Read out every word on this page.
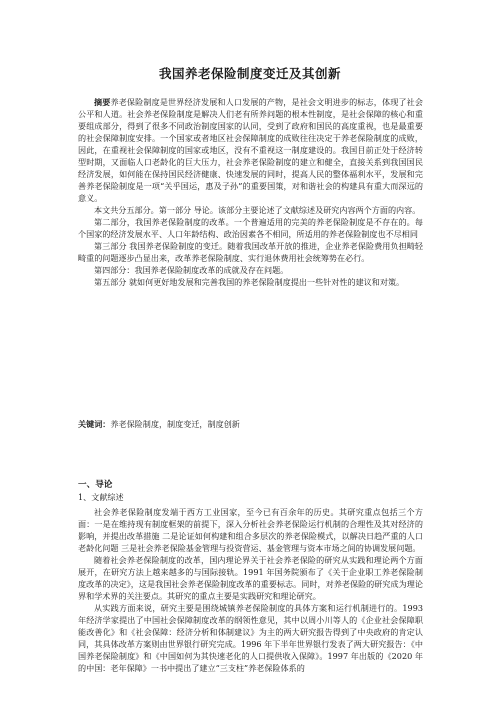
我国养老保险制度变迁及其创新

摘要养老保险制度是世界经济发展和人口发展的产物，是社会文明进步的标志，体现了社会公平和人道。社会养老保险制度是解决人们老有所养问题的根本性制度，是社会保障的核心和重要组成部分，得到了很多不同政治制度国家的认同，受到了政府和国民的高度重视，也是最重要的社会保障制度安排。一个国家或者地区社会保障制度的成败往往决定于养老保险制度的成败，因此，在重视社会保障制度的国家或地区，没有不重视这一制度建设的。我国目前正处于经济转型时期，又面临人口老龄化的巨大压力，社会养老保险制度的建立和健全，直接关系到我国国民经济发展，如何能在保持国民经济健康、快速发展的同时，提高人民的整体福利水平，发展和完善养老保险制度是一项“关乎国运，惠及子孙”的重要国策，对和谐社会的构建具有重大而深远的意义。

本文共分五部分。第一部分 导论。该部分主要论述了文献综述及研究内容两个方面的内容。

第二部分，我国养老保险制度的改革。一个普遍适用的完美的养老保险制度是不存在的。每个国家的经济发展水平、人口年龄结构、政治因素各不相同，所适用的养老保险制度也不尽相同

第三部分 我国养老保险制度的变迁。随着我国改革开放的推进，企业养老保险费用负担畸轻畸重的问题逐步凸显出来，改革养老保险制度、实行退休费用社会统筹势在必行。

第四部分：我国养老保险制度改革的成就及存在问题。

第五部分 就如何更好地发展和完善我国的养老保险制度提出一些针对性的建议和对策。

关键词：养老保险制度，制度变迁，制度创新

一、导论
1、文献综述

社会养老保险制度发端于西方工业国家，至今已有百余年的历史。其研究重点包括三个方面：一是在维持现有制度框架的前提下，深入分析社会养老保险运行机制的合理性及其对经济的影响，并提出改革措施 二是论证如何构建和组合多层次的养老保险模式，以解决日趋严重的人口老龄化问题 三是社会养老保险基金管理与投资营运、基金管理与资本市场之间的协调发展问题。

随着社会养老保险制度的改革，国内理论界关于社会养老保险的研究从实践和理论两个方面展开，在研究方法上越来越多的与国际接轨。1991 年国务院颁布了《关于企业职工养老保险制度改革的决定》，这是我国社会养老保险制度改革的重要标志。同时，对养老保险的研究成为理论界和学术界的关注要点。其研究的重点主要是实践研究和理论研究。

从实践方面来说，研究主要是围绕城镇养老保险制度的具体方案和运行机制进行的。1993 年经济学家提出了中国社会保障制度改革的纲领性意见，其中以周小川等人的《企业社会保障职能改善化》和《社会保障：经济分析和体制建议》为主的两大研究报告得到了中央政府的肯定认同，其具体改革方案则由世界银行研究完成。1996 年下半年世界银行发表了两大研究报告：《中国养老保险制度》和《中国如何为其快速老化的人口提供收入保障》。1997 年出版的《2020 年的中国：老年保障》一书中提出了建立“三支柱”养老保险体系的
